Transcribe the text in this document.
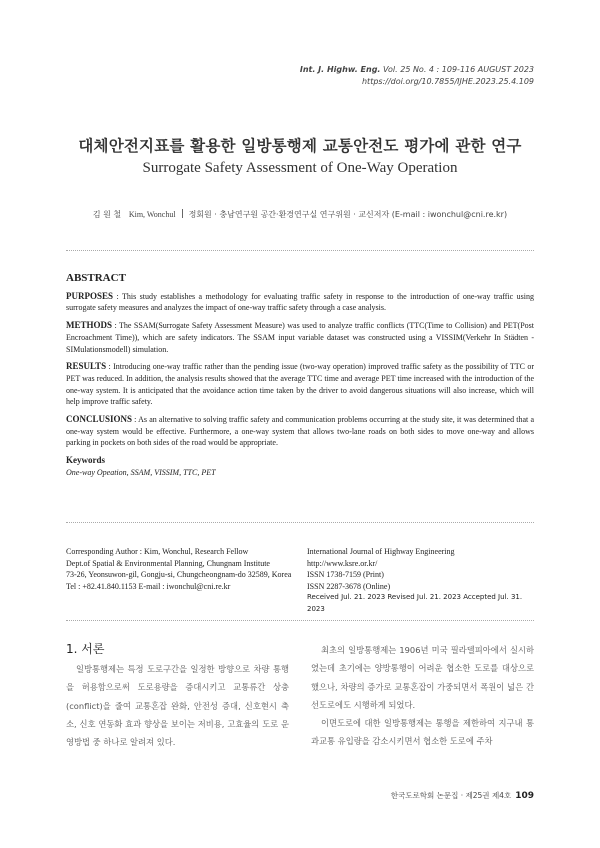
Int. J. Highw. Eng. Vol. 25 No. 4 : 109-116 AUGUST 2023
https://doi.org/10.7855/IJHE.2023.25.4.109
대체안전지표를 활용한 일방통행제 교통안전도 평가에 관한 연구
Surrogate Safety Assessment of One-Way Operation
김 원 철 Kim, Wonchul 정회원 · 충남연구원 공간·환경연구실 연구위원 · 교신저자 (E-mail : iwonchul@cni.re.kr)
ABSTRACT

PURPOSES : This study establishes a methodology for evaluating traffic safety in response to the introduction of one-way traffic using surrogate safety measures and analyzes the impact of one-way traffic safety through a case analysis.

METHODS : The SSAM(Surrogate Safety Assessment Measure) was used to analyze traffic conflicts (TTC(Time to Collision) and PET(Post Encroachment Time)), which are safety indicators. The SSAM input variable dataset was constructed using a VISSIM(Verkehr In Städten - SIMulationsmodell) simulation.

RESULTS : Introducing one-way traffic rather than the pending issue (two-way operation) improved traffic safety as the possibility of TTC or PET was reduced. In addition, the analysis results showed that the average TTC time and average PET time increased with the introduction of the one-way system. It is anticipated that the avoidance action time taken by the driver to avoid dangerous situations will also increase, which will help improve traffic safety.

CONCLUSIONS : As an alternative to solving traffic safety and communication problems occurring at the study site, it was determined that a one-way system would be effective. Furthermore, a one-way system that allows two-lane roads on both sides to move one-way and allows parking in pockets on both sides of the road would be appropriate.

Keywords
One-way Opeation, SSAM, VISSIM, TTC, PET
Corresponding Author : Kim, Wonchul, Research Fellow
Dept.of Spatial & Environmental Planning, Chungnam Institute
73-26, Yeonsuwon-gil, Gongju-si, Chungcheongnam-do 32589, Korea
Tel : +82.41.840.1153 E-mail : iwonchul@cni.re.kr
International Journal of Highway Engineering
http://www.ksre.or.kr/
ISSN 1738-7159 (Print)
ISSN 2287-3678 (Online)
Received Jul. 21. 2023 Revised Jul. 21. 2023 Accepted Jul. 31. 2023
1. 서론

일방통행제는 특정 도로구간을 일정한 방향으로 차량 통행을 허용함으로써 도로용량을 증대시키고 교통류간 상충(conflict)을 줄여 교통혼잡 완화, 안전성 증대, 신호현시 축소, 신호 연동화 효과 향상을 보이는 저비용, 고효율의 도로 운영방법 중 하나로 알려져 있다.

최초의 일방통행제는 1906년 미국 필라델피아에서 실시하였는데 초기에는 양방통행이 어려운 협소한 도로를 대상으로 했으나, 차량의 증가로 교통혼잡이 가중되면서 폭원이 넓은 간선도로에도 시행하게 되었다.

이면도로에 대한 일방통행제는 통행을 제한하여 지구내 통과교통 유입량을 감소시키면서 협소한 도로에 주차

한국도로학회 논문집 · 제25권 제4호 109
